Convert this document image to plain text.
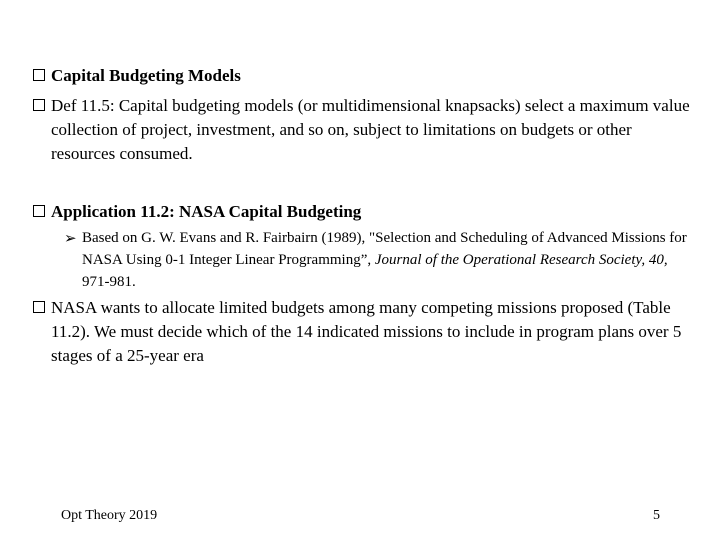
Capital Budgeting Models
Def 11.5: Capital budgeting models (or multidimensional knapsacks) select a maximum value collection of project, investment, and so on, subject to limitations on budgets or other resources consumed.
Application 11.2: NASA Capital Budgeting
➢ Based on G. W. Evans and R. Fairbairn (1989), "Selection and Scheduling of Advanced Missions for NASA Using 0-1 Integer Linear Programming”, Journal of the Operational Research Society, 40, 971-981.
NASA wants to allocate limited budgets among many competing missions proposed (Table 11.2). We must decide which of the 14 indicated missions to include in program plans over 5 stages of a 25-year era
Opt Theory 2019	5
